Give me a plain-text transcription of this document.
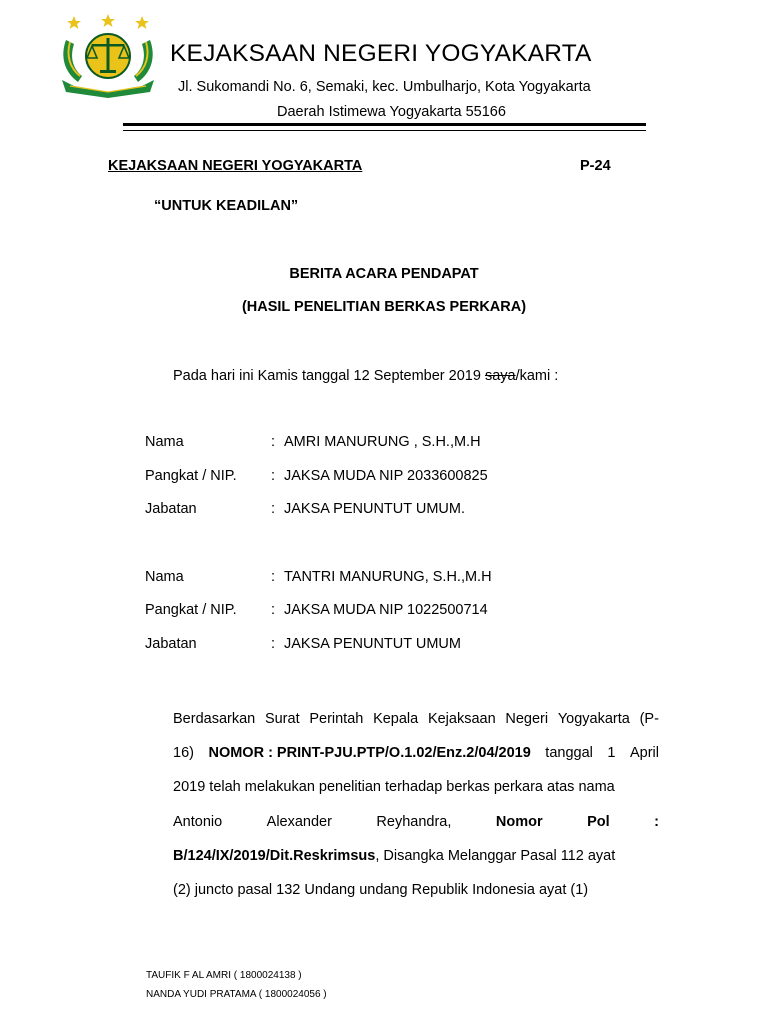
KEJAKSAAN NEGERI YOGYAKARTA
Jl. Sukomandi No. 6, Semaki, kec. Umbulharjo, Kota Yogyakarta
Daerah Istimewa Yogyakarta 55166
KEJAKSAAN NEGERI YOGYAKARTA	P-24
“UNTUK KEADILAN”
BERITA ACARA PENDAPAT
(HASIL PENELITIAN BERKAS PERKARA)
Pada hari ini Kamis tanggal 12 September 2019 saya/kami :
Nama	: AMRI MANURUNG , S.H.,M.H
Pangkat / NIP. : JAKSA MUDA NIP 2033600825
Jabatan	: JAKSA PENUNTUT UMUM.
Nama	: TANTRI MANURUNG, S.H.,M.H
Pangkat / NIP. : JAKSA MUDA NIP 1022500714
Jabatan	: JAKSA PENUNTUT UMUM
Berdasarkan Surat Perintah Kepala Kejaksaan Negeri Yogyakarta (P-
16) NOMOR : PRINT-PJU.PTP/O.1.02/Enz.2/04/2019 tanggal 1 April
2019 telah melakukan penelitian terhadap berkas perkara atas nama
Antonio	Alexander	Reyhandra,	Nomor	Pol	:
B/124/IX/2019/Dit.Reskrimsus, Disangka Melanggar Pasal 112 ayat
(2) juncto pasal 132 Undang undang Republik Indonesia ayat (1)
TAUFIK F AL AMRI ( 1800024138 )
NANDA YUDI PRATAMA ( 1800024056 )
